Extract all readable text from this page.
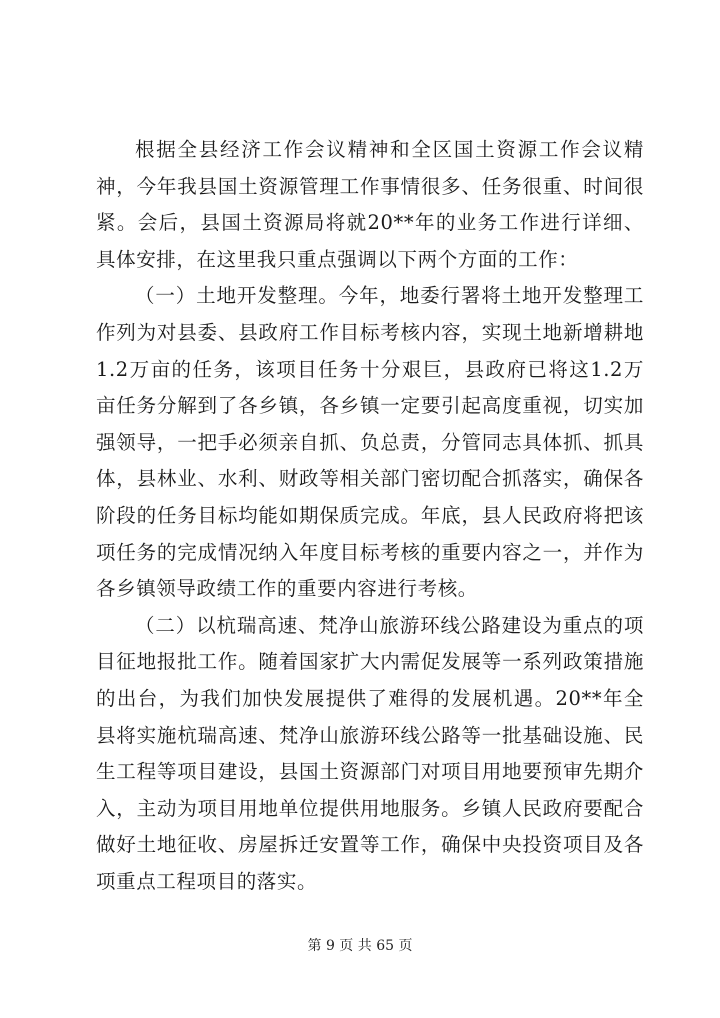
根据全县经济工作会议精神和全区国土资源工作会议精神，今年我县国土资源管理工作事情很多、任务很重、时间很紧。会后，县国土资源局将就20**年的业务工作进行详细、具体安排，在这里我只重点强调以下两个方面的工作：

（一）土地开发整理。今年，地委行署将土地开发整理工作列为对县委、县政府工作目标考核内容，实现土地新增耕地1.2万亩的任务，该项目任务十分艰巨，县政府已将这1.2万亩任务分解到了各乡镇，各乡镇一定要引起高度重视，切实加强领导，一把手必须亲自抓、负总责，分管同志具体抓、抓具体，县林业、水利、财政等相关部门密切配合抓落实，确保各阶段的任务目标均能如期保质完成。年底，县人民政府将把该项任务的完成情况纳入年度目标考核的重要内容之一，并作为各乡镇领导政绩工作的重要内容进行考核。

（二）以杭瑞高速、梵净山旅游环线公路建设为重点的项目征地报批工作。随着国家扩大内需促发展等一系列政策措施的出台，为我们加快发展提供了难得的发展机遇。20**年全县将实施杭瑞高速、梵净山旅游环线公路等一批基础设施、民生工程等项目建设，县国土资源部门对项目用地要预审先期介入，主动为项目用地单位提供用地服务。乡镇人民政府要配合做好土地征收、房屋拆迁安置等工作，确保中央投资项目及各项重点工程项目的落实。

第 9 页 共 65 页
